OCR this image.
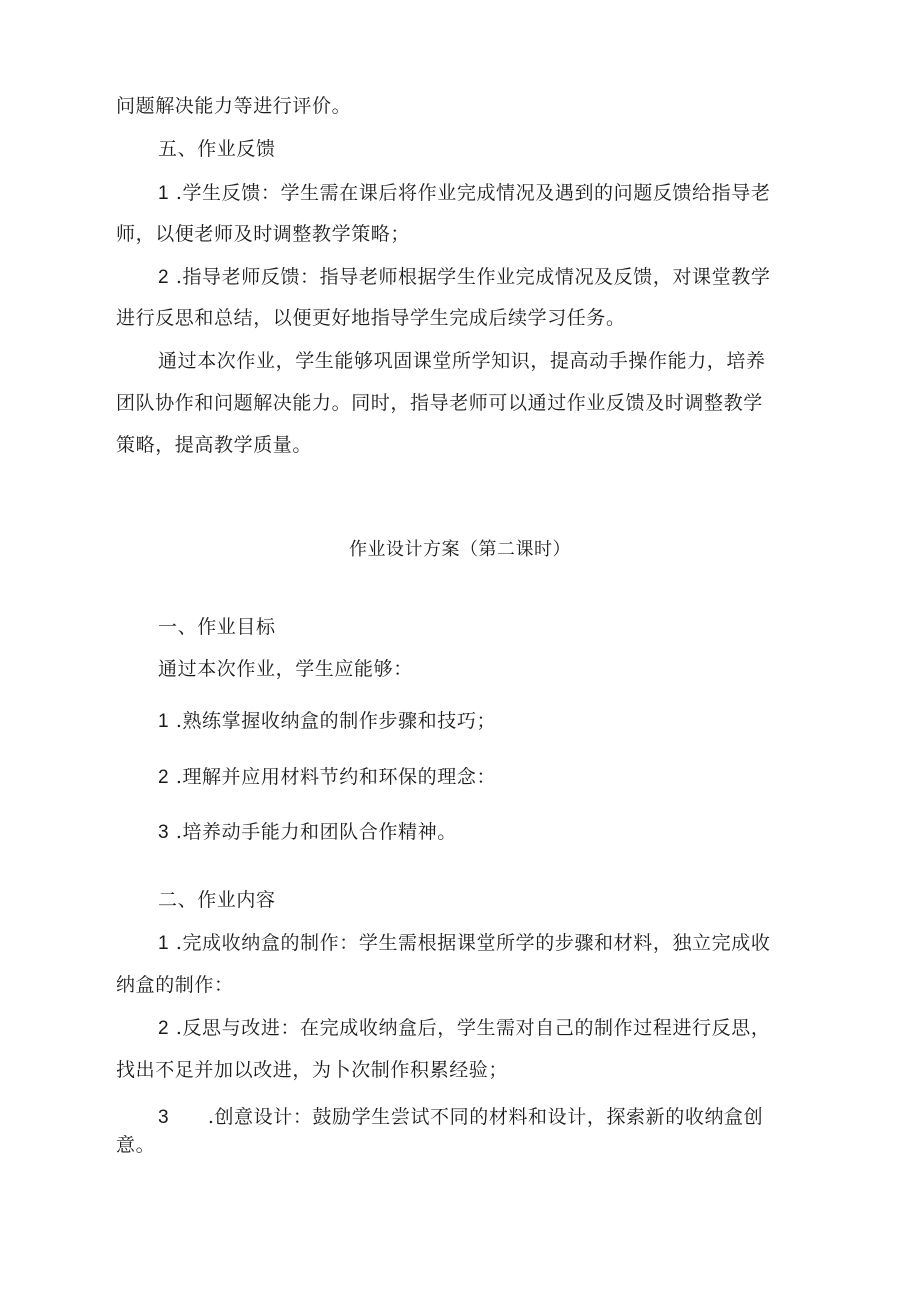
问题解决能力等进行评价。
五、作业反馈
1 .学生反馈：学生需在课后将作业完成情况及遇到的问题反馈给指导老
师，以便老师及时调整教学策略；
2 .指导老师反馈：指导老师根据学生作业完成情况及反馈，对课堂教学
进行反思和总结，以便更好地指导学生完成后续学习任务。
通过本次作业，学生能够巩固课堂所学知识，提高动手操作能力，培养
团队协作和问题解决能力。同时，指导老师可以通过作业反馈及时调整教学
策略，提高教学质量。
作业设计方案（第二课时）
一、作业目标
通过本次作业，学生应能够：
1 .熟练掌握收纳盒的制作步骤和技巧；
2 .理解并应用材料节约和环保的理念：
3 .培养动手能力和团队合作精神。
二、作业内容
1 .完成收纳盒的制作：学生需根据课堂所学的步骤和材料，独立完成收
纳盒的制作：
2 .反思与改进：在完成收纳盒后，学生需对自己的制作过程进行反思，
找出不足并加以改进，为卜次制作积累经验；
3 .创意设计：鼓励学生尝试不同的材料和设计，探索新的收纳盒创
意。
